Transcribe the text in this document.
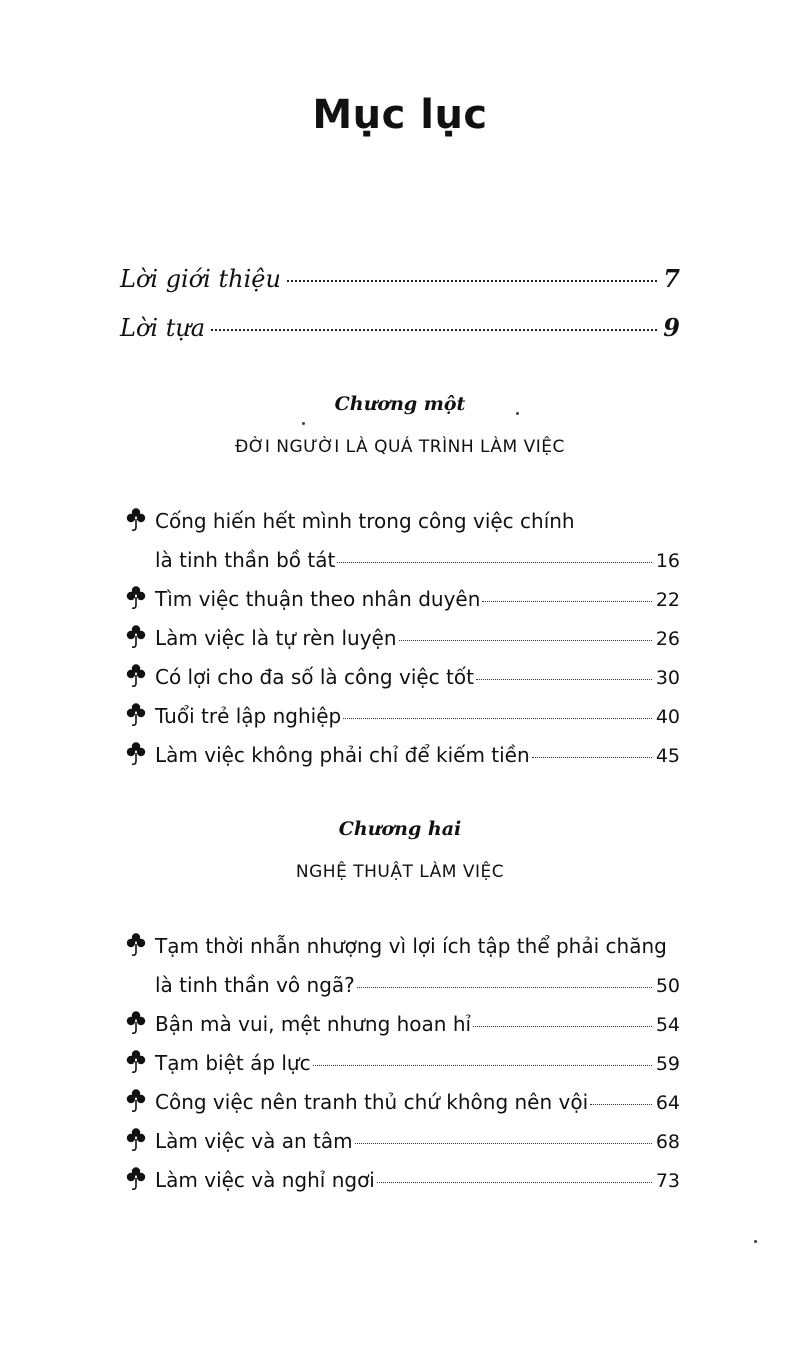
Mục lục
Lời giới thiệu	7
Lời tựa	9
Chương một
ĐỜI NGƯỜI LÀ QUÁ TRÌNH LÀM VIỆC
Cống hiến hết mình trong công việc chính
là tinh thần bồ tát	16
Tìm việc thuận theo nhân duyên	22
Làm việc là tự rèn luyện	26
Có lợi cho đa số là công việc tốt	30
Tuổi trẻ lập nghiệp	40
Làm việc không phải chỉ để kiếm tiền	45
Chương hai
NGHỆ THUẬT LÀM VIỆC
Tạm thời nhẫn nhượng vì lợi ích tập thể phải chăng
là tinh thần vô ngã?	50
Bận mà vui, mệt nhưng hoan hỉ	54
Tạm biệt áp lực	59
Công việc nên tranh thủ chứ không nên vội	64
Làm việc và an tâm	68
Làm việc và nghỉ ngơi	73
